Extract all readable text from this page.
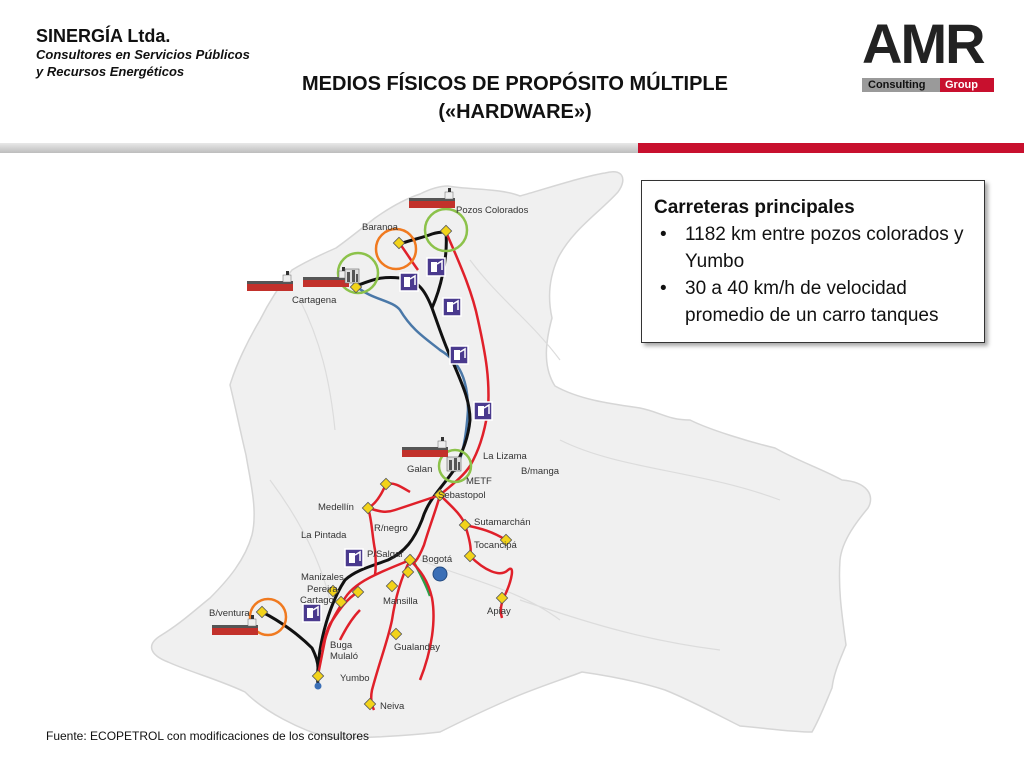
SINERGÍA Ltda.
Consultores en Servicios Públicos
y Recursos Energéticos
MEDIOS FÍSICOS DE PROPÓSITO MÚLTIPLE
(«HARDWARE»)
AMR
Consulting	Group
Pozos Colorados
Baranoa
Cartagena
La Lizama
Galan	B/manga
METF
Sebastopol
Medellín
Sutamarchán
R/negro
La Pintada
Tocancipá
P/Salgar Bogotá
Manizales
Pereira
Cartago
B/ventura
Mansilla
Apiay
Buga
Mulaló
Gualanday
Yumbo
Neiva
Carreteras principales
• 1182 km entre pozos colorados y Yumbo
• 30 a 40 km/h de velocidad promedio de un carro tanques
Fuente: ECOPETROL con modificaciones de los consultores
